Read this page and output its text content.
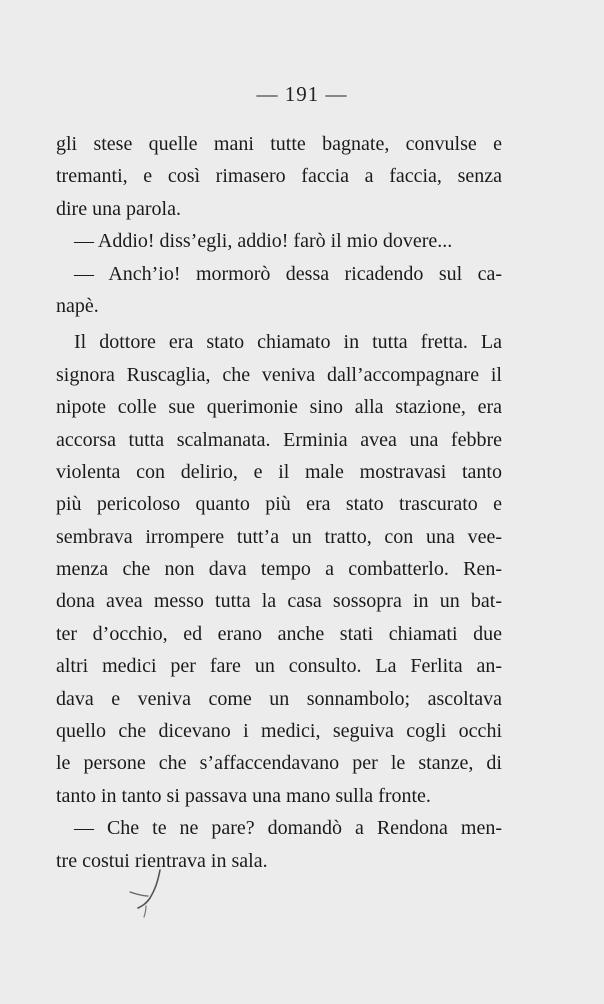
— 191 —
gli stese quelle mani tutte bagnate, convulse e
tremanti, e così rimasero faccia a faccia, senza
dire una parola.
— Addio! diss’egli, addio! farò il mio dovere...
— Anch’io! mormorò dessa ricadendo sul ca-
napè.
Il dottore era stato chiamato in tutta fretta. La
signora Ruscaglia, che veniva dall’accompagnare il
nipote colle sue querimonie sino alla stazione, era
accorsa tutta scalmanata. Erminia avea una febbre
violenta con delirio, e il male mostravasi tanto
più pericoloso quanto più era stato trascurato e
sembrava irrompere tutt’a un tratto, con una vee-
menza che non dava tempo a combatterlo. Ren-
dona avea messo tutta la casa sossopra in un bat-
ter d’occhio, ed erano anche stati chiamati due
altri medici per fare un consulto. La Ferlita an-
dava e veniva come un sonnambolo; ascoltava
quello che dicevano i medici, seguiva cogli occhi
le persone che s’affaccendavano per le stanze, di
tanto in tanto si passava una mano sulla fronte.
— Che te ne pare? domandò a Rendona men-
tre costui rientrava in sala.
